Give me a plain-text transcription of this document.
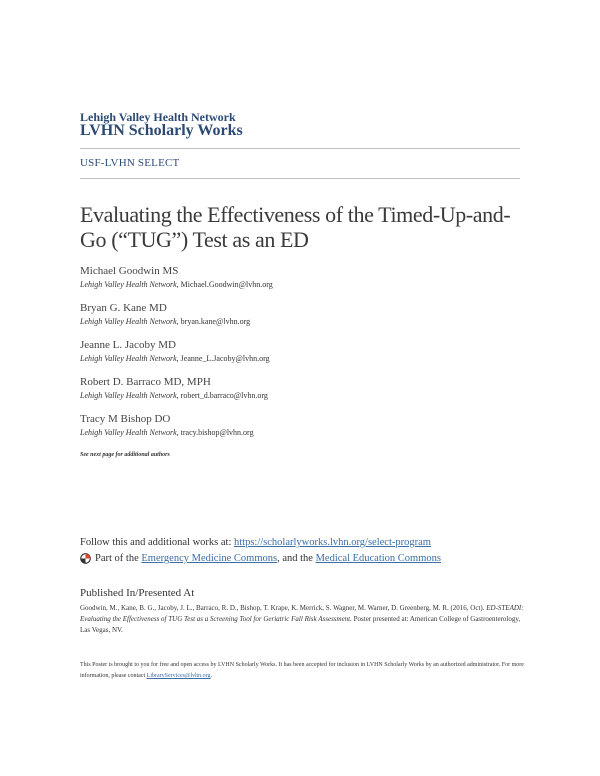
Lehigh Valley Health Network
LVHN Scholarly Works
USF-LVHN SELECT
Evaluating the Effectiveness of the Timed-Up-and-Go (“TUG”) Test as an ED
Michael Goodwin MS
Lehigh Valley Health Network, Michael.Goodwin@lvhn.org
Bryan G. Kane MD
Lehigh Valley Health Network, bryan.kane@lvhn.org
Jeanne L. Jacoby MD
Lehigh Valley Health Network, Jeanne_L.Jacoby@lvhn.org
Robert D. Barraco MD, MPH
Lehigh Valley Health Network, robert_d.barraco@lvhn.org
Tracy M Bishop DO
Lehigh Valley Health Network, tracy.bishop@lvhn.org
See next page for additional authors
Follow this and additional works at: https://scholarlyworks.lvhn.org/select-program
Part of the
Emergency Medicine Commons , and the
Medical Education Commons
Published In/Presented At
Goodwin, M., Kane, B. G., Jacoby, J. L., Barraco, R. D., Bishop, T. Krape, K. Merrick, S. Wagner, M. Warner, D. Greenberg, M. R. (2016, Oct). ED-STEADI: Evaluating the Effectiveness of TUG Test as a Screening Tool for Geriatric Fall Risk Assessment. Poster presented at: American College of Gastroenterology, Las Vegas, NV.
This Poster is brought to you for free and open access by LVHN Scholarly Works. It has been accepted for inclusion in LVHN Scholarly Works by an authorized administrator. For more information, please contact LibraryServices@lvhn.org.
